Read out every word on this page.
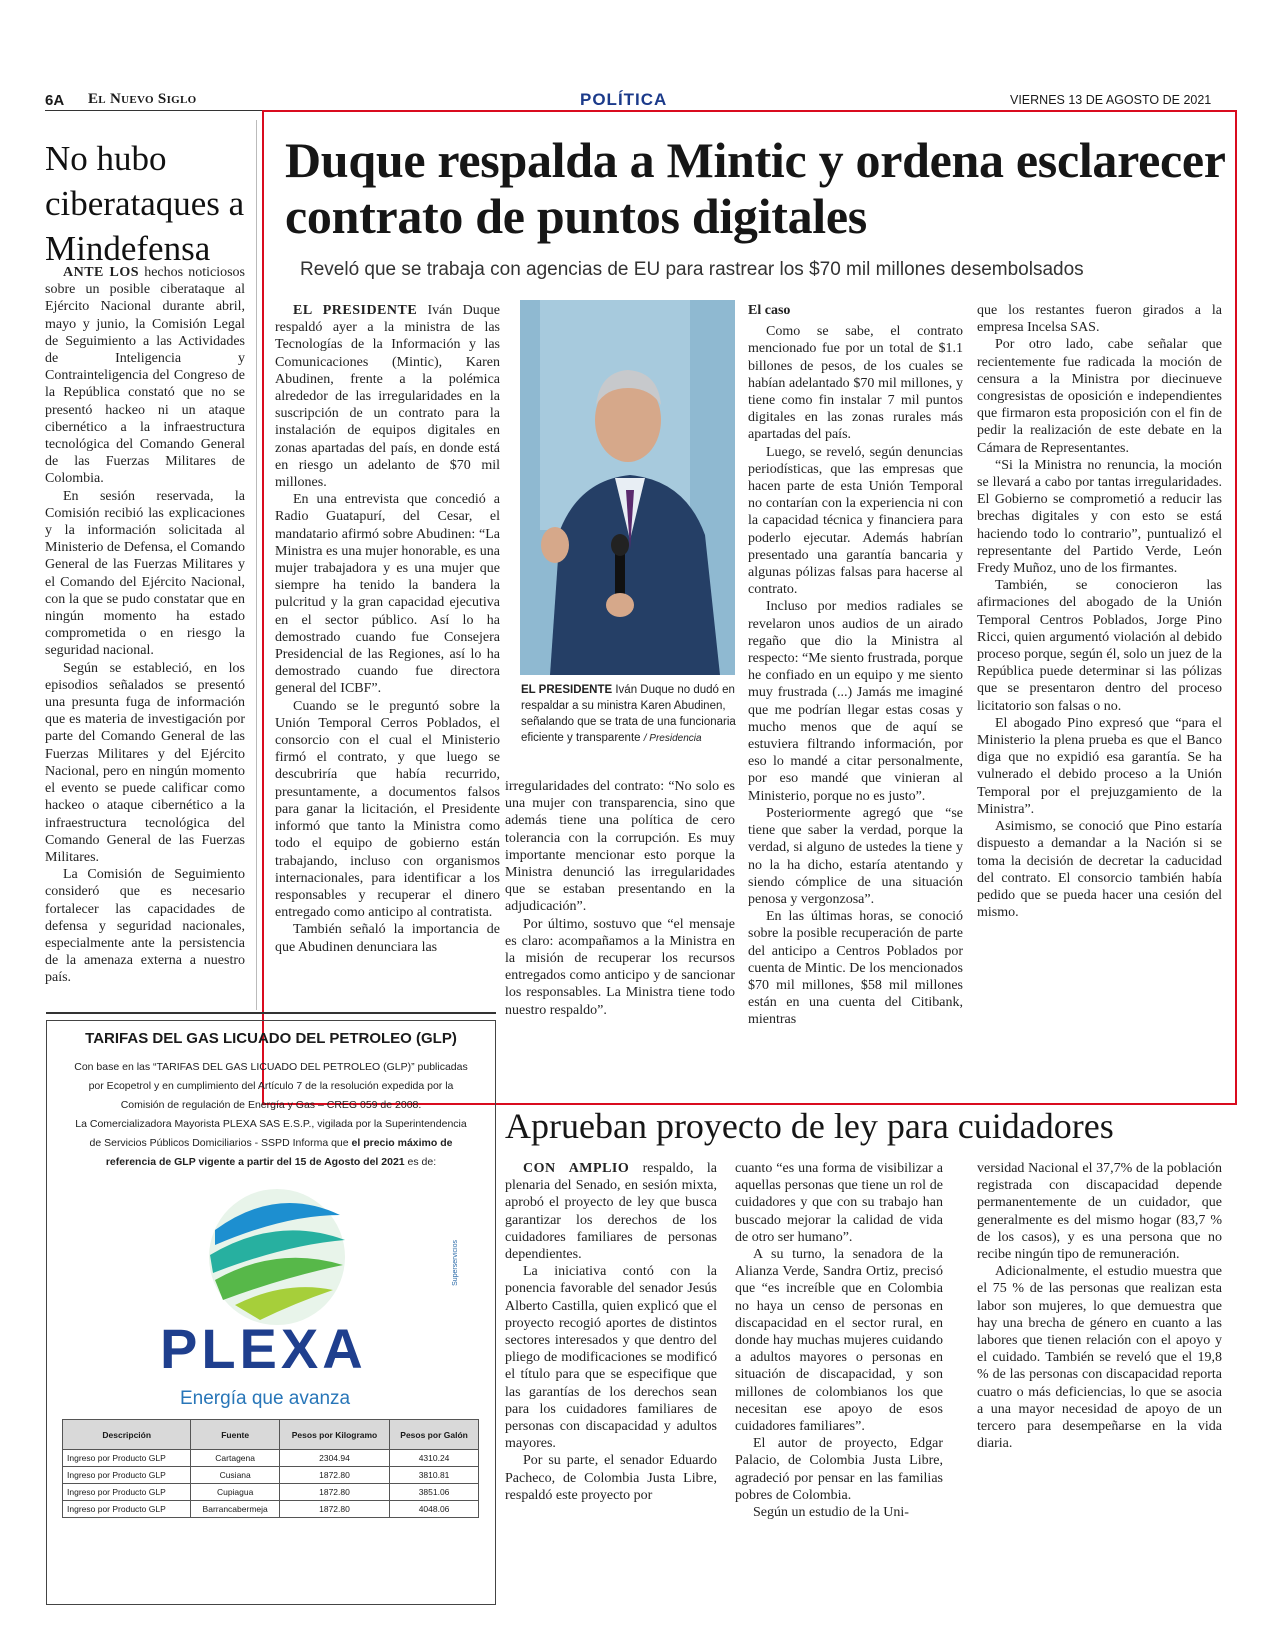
6A El Nuevo Siglo	POLÍTICA	VIERNES 13 DE AGOSTO DE 2021
No hubo ciberataques a Mindefensa

ANTE LOS hechos noticiosos sobre un posible ciberataque al Ejército Nacional durante abril, mayo y junio, la Comisión Legal de Seguimiento a las Actividades de Inteligencia y Contrainteligencia del Congreso de la República constató que no se presentó hackeo ni un ataque cibernético a la infraestructura tecnológica del Comando General de las Fuerzas Militares de Colombia.

En sesión reservada, la Comisión recibió las explicaciones y la información solicitada al Ministerio de Defensa, el Comando General de las Fuerzas Militares y el Comando del Ejército Nacional, con la que se pudo constatar que en ningún momento ha estado comprometida o en riesgo la seguridad nacional.

Según se estableció, en los episodios señalados se presentó una presunta fuga de información que es materia de investigación por parte del Comando General de las Fuerzas Militares y del Ejército Nacional, pero en ningún momento el evento se puede calificar como hackeo o ataque cibernético a la infraestructura tecnológica del Comando General de las Fuerzas Militares.

La Comisión de Seguimiento consideró que es necesario fortalecer las capacidades de defensa y seguridad nacionales, especialmente ante la persistencia de la amenaza externa a nuestro país.

Duque respalda a Mintic y ordena esclarecer contrato de puntos digitales
Reveló que se trabaja con agencias de EU para rastrear los $70 mil millones desembolsados

EL PRESIDENTE Iván Duque respaldó ayer a la ministra de las Tecnologías de la Información y las Comunicaciones (Mintic), Karen Abudinen, frente a la polémica alrededor de las irregularidades en la suscripción de un contrato para la instalación de equipos digitales en zonas apartadas del país, en donde está en riesgo un adelanto de $70 mil millones.

En una entrevista que concedió a Radio Guatapurí, del Cesar, el mandatario afirmó sobre Abudinen: “La Ministra es una mujer honorable, es una mujer trabajadora y es una mujer que siempre ha tenido la bandera la pulcritud y la gran capacidad ejecutiva en el sector público. Así lo ha demostrado cuando fue Consejera Presidencial de las Regiones, así lo ha demostrado cuando fue directora general del ICBF”.

Cuando se le preguntó sobre la Unión Temporal Cerros Poblados, el consorcio con el cual el Ministerio firmó el contrato, y que luego se descubriría que había recurrido, presuntamente, a documentos falsos para ganar la licitación, el Presidente informó que tanto la Ministra como todo el equipo de gobierno están trabajando, incluso con organismos internacionales, para identificar a los responsables y recuperar el dinero entregado como anticipo al contratista.

También señaló la importancia de que Abudinen denunciara las

EL PRESIDENTE Iván Duque no dudó en respaldar a su ministra Karen Abudinen, señalando que se trata de una funcionaria eficiente y transparente / Presidencia

irregularidades del contrato: “No solo es una mujer con transparencia, sino que además tiene una política de cero tolerancia con la corrupción. Es muy importante mencionar esto porque la Ministra denunció las irregularidades que se estaban presentando en la adjudicación”.

Por último, sostuvo que “el mensaje es claro: acompañamos a la Ministra en la misión de recuperar los recursos entregados como anticipo y de sancionar los responsables. La Ministra tiene todo nuestro respaldo”.

El caso

Como se sabe, el contrato mencionado fue por un total de $1.1 billones de pesos, de los cuales se habían adelantado $70 mil millones, y tiene como fin instalar 7 mil puntos digitales en las zonas rurales más apartadas del país.

Luego, se reveló, según denuncias periodísticas, que las empresas que hacen parte de esta Unión Temporal no contarían con la experiencia ni con la capacidad técnica y financiera para poderlo ejecutar. Además habrían presentado una garantía bancaria y algunas pólizas falsas para hacerse al contrato.

Incluso por medios radiales se revelaron unos audios de un airado regaño que dio la Ministra al respecto: “Me siento frustrada, porque he confiado en un equipo y me siento muy frustrada (...) Jamás me imaginé que me podrían llegar estas cosas y mucho menos que de aquí se estuviera filtrando información, por eso lo mandé a citar personalmente, por eso mandé que vinieran al Ministerio, porque no es justo”.

Posteriormente agregó que “se tiene que saber la verdad, porque la verdad, si alguno de ustedes la tiene y no la ha dicho, estaría atentando y siendo cómplice de una situación penosa y vergonzosa”.

En las últimas horas, se conoció sobre la posible recuperación de parte del anticipo a Centros Poblados por cuenta de Mintic. De los mencionados $70 mil millones, $58 mil millones están en una cuenta del Citibank, mientras

que los restantes fueron girados a la empresa Incelsa SAS.

Por otro lado, cabe señalar que recientemente fue radicada la moción de censura a la Ministra por diecinueve congresistas de oposición e independientes que firmaron esta proposición con el fin de pedir la realización de este debate en la Cámara de Representantes.

“Si la Ministra no renuncia, la moción se llevará a cabo por tantas irregularidades. El Gobierno se comprometió a reducir las brechas digitales y con esto se está haciendo todo lo contrario”, puntualizó el representante del Partido Verde, León Fredy Muñoz, uno de los firmantes.

También, se conocieron las afirmaciones del abogado de la Unión Temporal Centros Poblados, Jorge Pino Ricci, quien argumentó violación al debido proceso porque, según él, solo un juez de la República puede determinar si las pólizas que se presentaron dentro del proceso licitatorio son falsas o no.

El abogado Pino expresó que “para el Ministerio la plena prueba es que el Banco diga que no expidió esa garantía. Se ha vulnerado el debido proceso a la Unión Temporal por el prejuzgamiento de la Ministra”.

Asimismo, se conoció que Pino estaría dispuesto a demandar a la Nación si se toma la decisión de decretar la caducidad del contrato. El consorcio también había pedido que se pueda hacer una cesión del mismo.

TARIFAS DEL GAS LICUADO DEL PETROLEO (GLP)
Con base en las “TARIFAS DEL GAS LICUADO DEL PETROLEO (GLP)” publicadas
por Ecopetrol y en cumplimiento del Artículo 7 de la resolución expedida por la
Comisión de regulación de Energía y Gas – CREG 059 de 2008.
La Comercializadora Mayorista PLEXA SAS E.S.P., vigilada por la Superintendencia
de Servicios Públicos Domiciliarios - SSPD Informa que el precio máximo de
referencia de GLP vigente a partir del 15 de Agosto del 2021 es de:
PLEXA
Energía que avanza
Superservicios
Descripción	Fuente	Pesos por Kilogramo	Pesos por Galón
Ingreso por Producto GLP	Cartagena	2304.94	4310.24
Ingreso por Producto GLP	Cusiana	1872.80	3810.81
Ingreso por Producto GLP	Cupiagua	1872.80	3851.06
Ingreso por Producto GLP	Barrancabermeja	1872.80	4048.06
Aprueban proyecto de ley para cuidadores

CON AMPLIO respaldo, la plenaria del Senado, en sesión mixta, aprobó el proyecto de ley que busca garantizar los derechos de los cuidadores familiares de personas dependientes.

La iniciativa contó con la ponencia favorable del senador Jesús Alberto Castilla, quien explicó que el proyecto recogió aportes de distintos sectores interesados y que dentro del pliego de modificaciones se modificó el título para que se especifique que las garantías de los derechos sean para los cuidadores familiares de personas con discapacidad y adultos mayores.

Por su parte, el senador Eduardo Pacheco, de Colombia Justa Libre, respaldó este proyecto por

cuanto “es una forma de visibilizar a aquellas personas que tiene un rol de cuidadores y que con su trabajo han buscado mejorar la calidad de vida de otro ser humano”.

A su turno, la senadora de la Alianza Verde, Sandra Ortiz, precisó que “es increíble que en Colombia no haya un censo de personas en discapacidad en el sector rural, en donde hay muchas mujeres cuidando a adultos mayores o personas en situación de discapacidad, y son millones de colombianos los que necesitan ese apoyo de esos cuidadores familiares”.

El autor de proyecto, Edgar Palacio, de Colombia Justa Libre, agradeció por pensar en las familias pobres de Colombia.

Según un estudio de la Uni-

versidad Nacional el 37,7% de la población registrada con discapacidad depende permanentemente de un cuidador, que generalmente es del mismo hogar (83,7 % de los casos), y es una persona que no recibe ningún tipo de remuneración.

Adicionalmente, el estudio muestra que el 75 % de las personas que realizan esta labor son mujeres, lo que demuestra que hay una brecha de género en cuanto a las labores que tienen relación con el apoyo y el cuidado. También se reveló que el 19,8 % de las personas con discapacidad reporta cuatro o más deficiencias, lo que se asocia a una mayor necesidad de apoyo de un tercero para desempeñarse en la vida diaria.
